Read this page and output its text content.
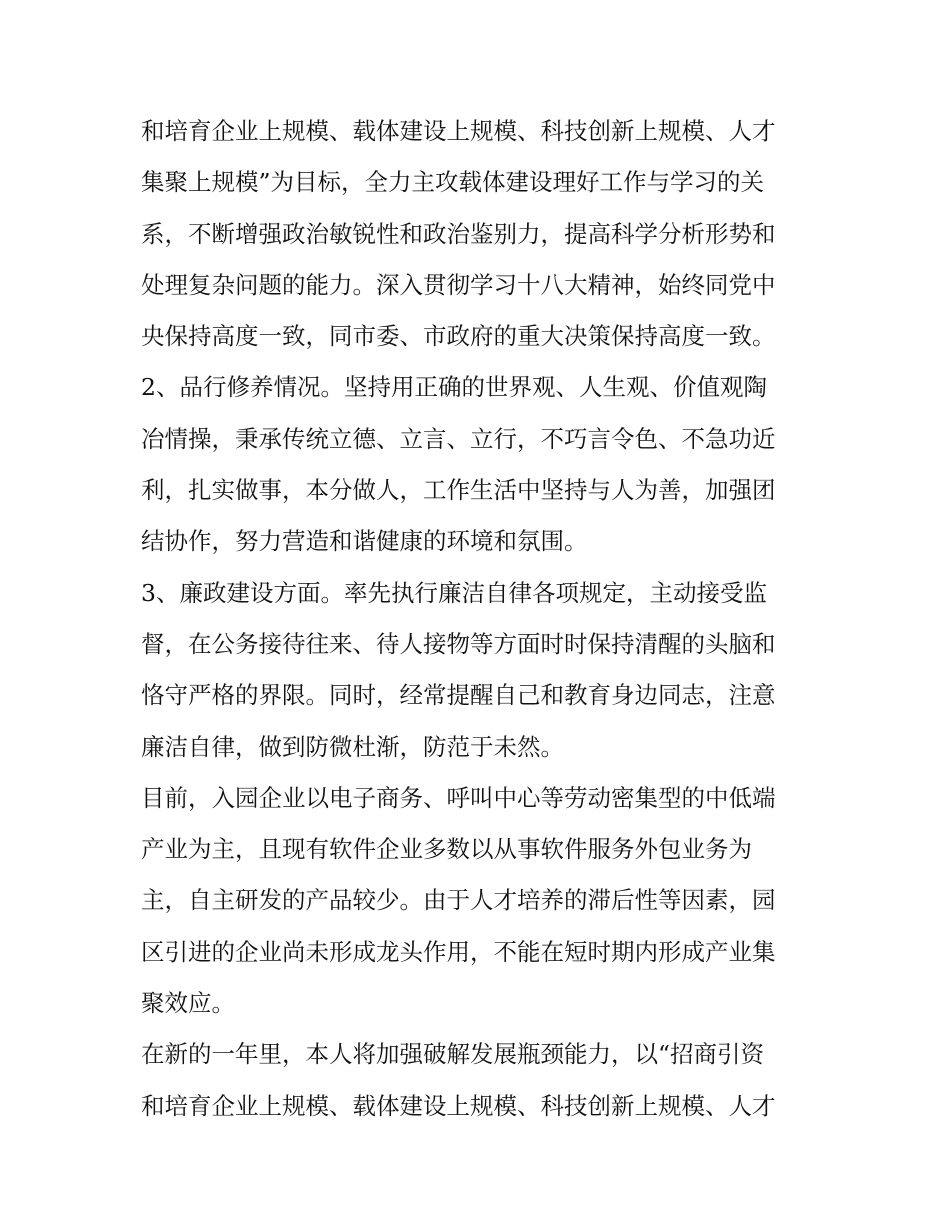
和培育企业上规模、载体建设上规模、科技创新上规模、人才
集聚上规模”为目标，全力主攻载体建设理好工作与学习的关
系，不断增强政治敏锐性和政治鉴别力，提高科学分析形势和
处理复杂问题的能力。深入贯彻学习十八大精神，始终同党中
央保持高度一致，同市委、市政府的重大决策保持高度一致。
2、品行修养情况。坚持用正确的世界观、人生观、价值观陶
冶情操，秉承传统立德、立言、立行，不巧言令色、不急功近
利，扎实做事，本分做人，工作生活中坚持与人为善，加强团
结协作，努力营造和谐健康的环境和氛围。
3、廉政建设方面。率先执行廉洁自律各项规定，主动接受监
督，在公务接待往来、待人接物等方面时时保持清醒的头脑和
恪守严格的界限。同时，经常提醒自己和教育身边同志，注意
廉洁自律，做到防微杜渐，防范于未然。
目前，入园企业以电子商务、呼叫中心等劳动密集型的中低端
产业为主，且现有软件企业多数以从事软件服务外包业务为
主，自主研发的产品较少。由于人才培养的滞后性等因素，园
区引进的企业尚未形成龙头作用，不能在短时期内形成产业集
聚效应。
在新的一年里，本人将加强破解发展瓶颈能力，以“招商引资
和培育企业上规模、载体建设上规模、科技创新上规模、人才
